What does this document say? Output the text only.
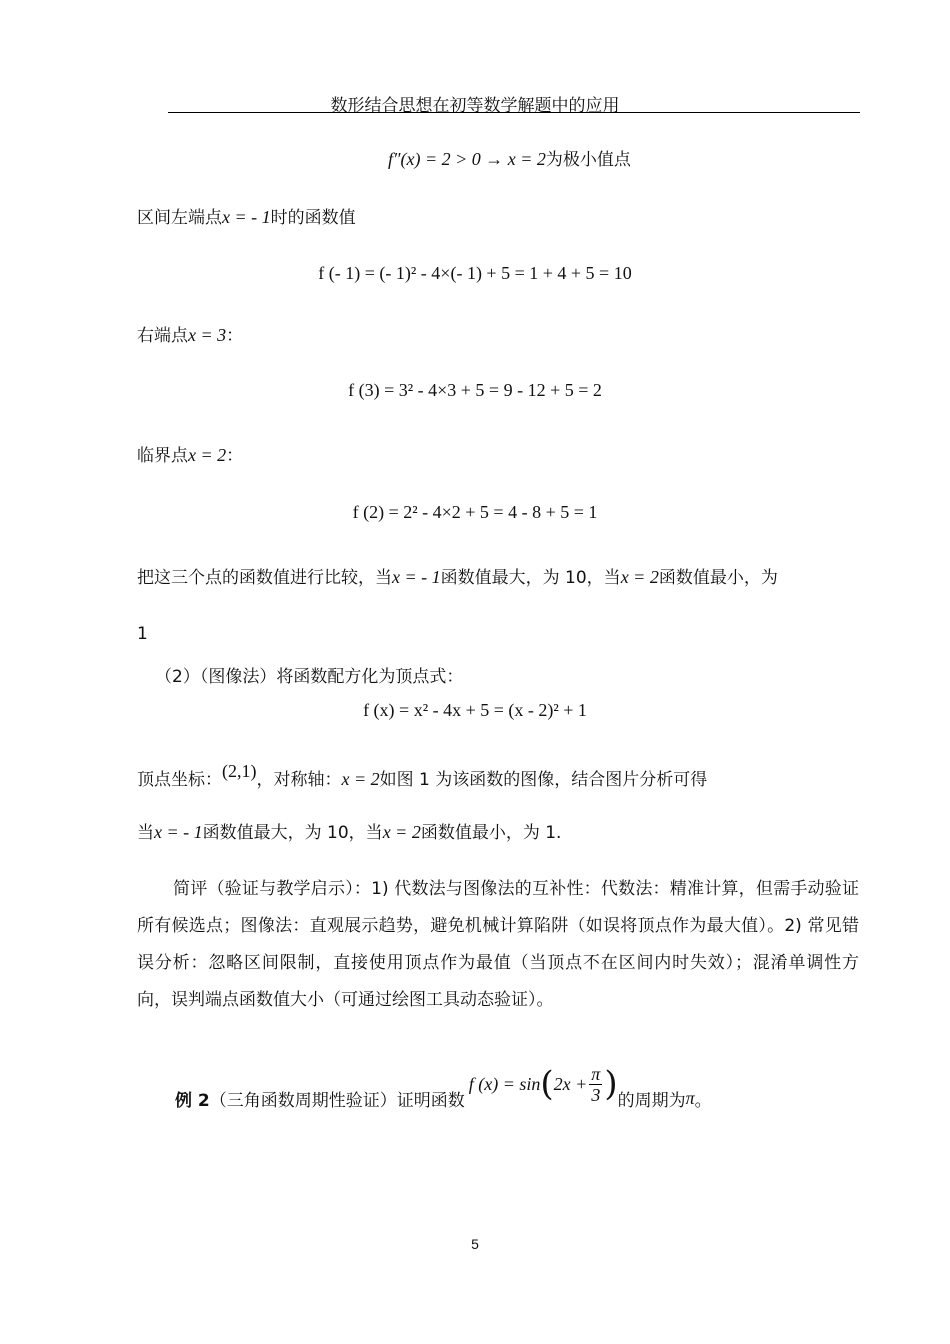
数形结合思想在初等数学解题中的应用
f″(x) = 2 > 0 → x = 2为极小值点
区间左端点x = - 1时的函数值
f (- 1) = (- 1)² - 4×(- 1) + 5 = 1 + 4 + 5 = 10
右端点x = 3：
f (3) = 3² - 4×3 + 5 = 9 - 12 + 5 = 2
临界点x = 2：
f (2) = 2² - 4×2 + 5 = 4 - 8 + 5 = 1
把这三个点的函数值进行比较，当x = - 1函数值最大，为 10，当x = 2函数值最小，为
1
（2）（图像法）将函数配方化为顶点式：
f (x) = x² - 4x + 5 = (x - 2)² + 1
顶点坐标：(2,1)，对称轴：x = 2如图 1 为该函数的图像，结合图片分析可得
当x = - 1函数值最大，为 10，当x = 2函数值最小，为 1.
简评（验证与教学启示）：1) 代数法与图像法的互补性：代数法：精准计算，但需手动验证所有候选点；图像法：直观展示趋势，避免机械计算陷阱（如误将顶点作为最大值）。2) 常见错误分析：忽略区间限制，直接使用顶点作为最值（当顶点不在区间内时失效）；混淆单调性方向，误判端点函数值大小（可通过绘图工具动态验证）。
例 2 （三角函数周期性验证）证明函数
f (x) = sin ( $2x + \frac{\pi}{3}$ ) 的周期为 π 。
5
